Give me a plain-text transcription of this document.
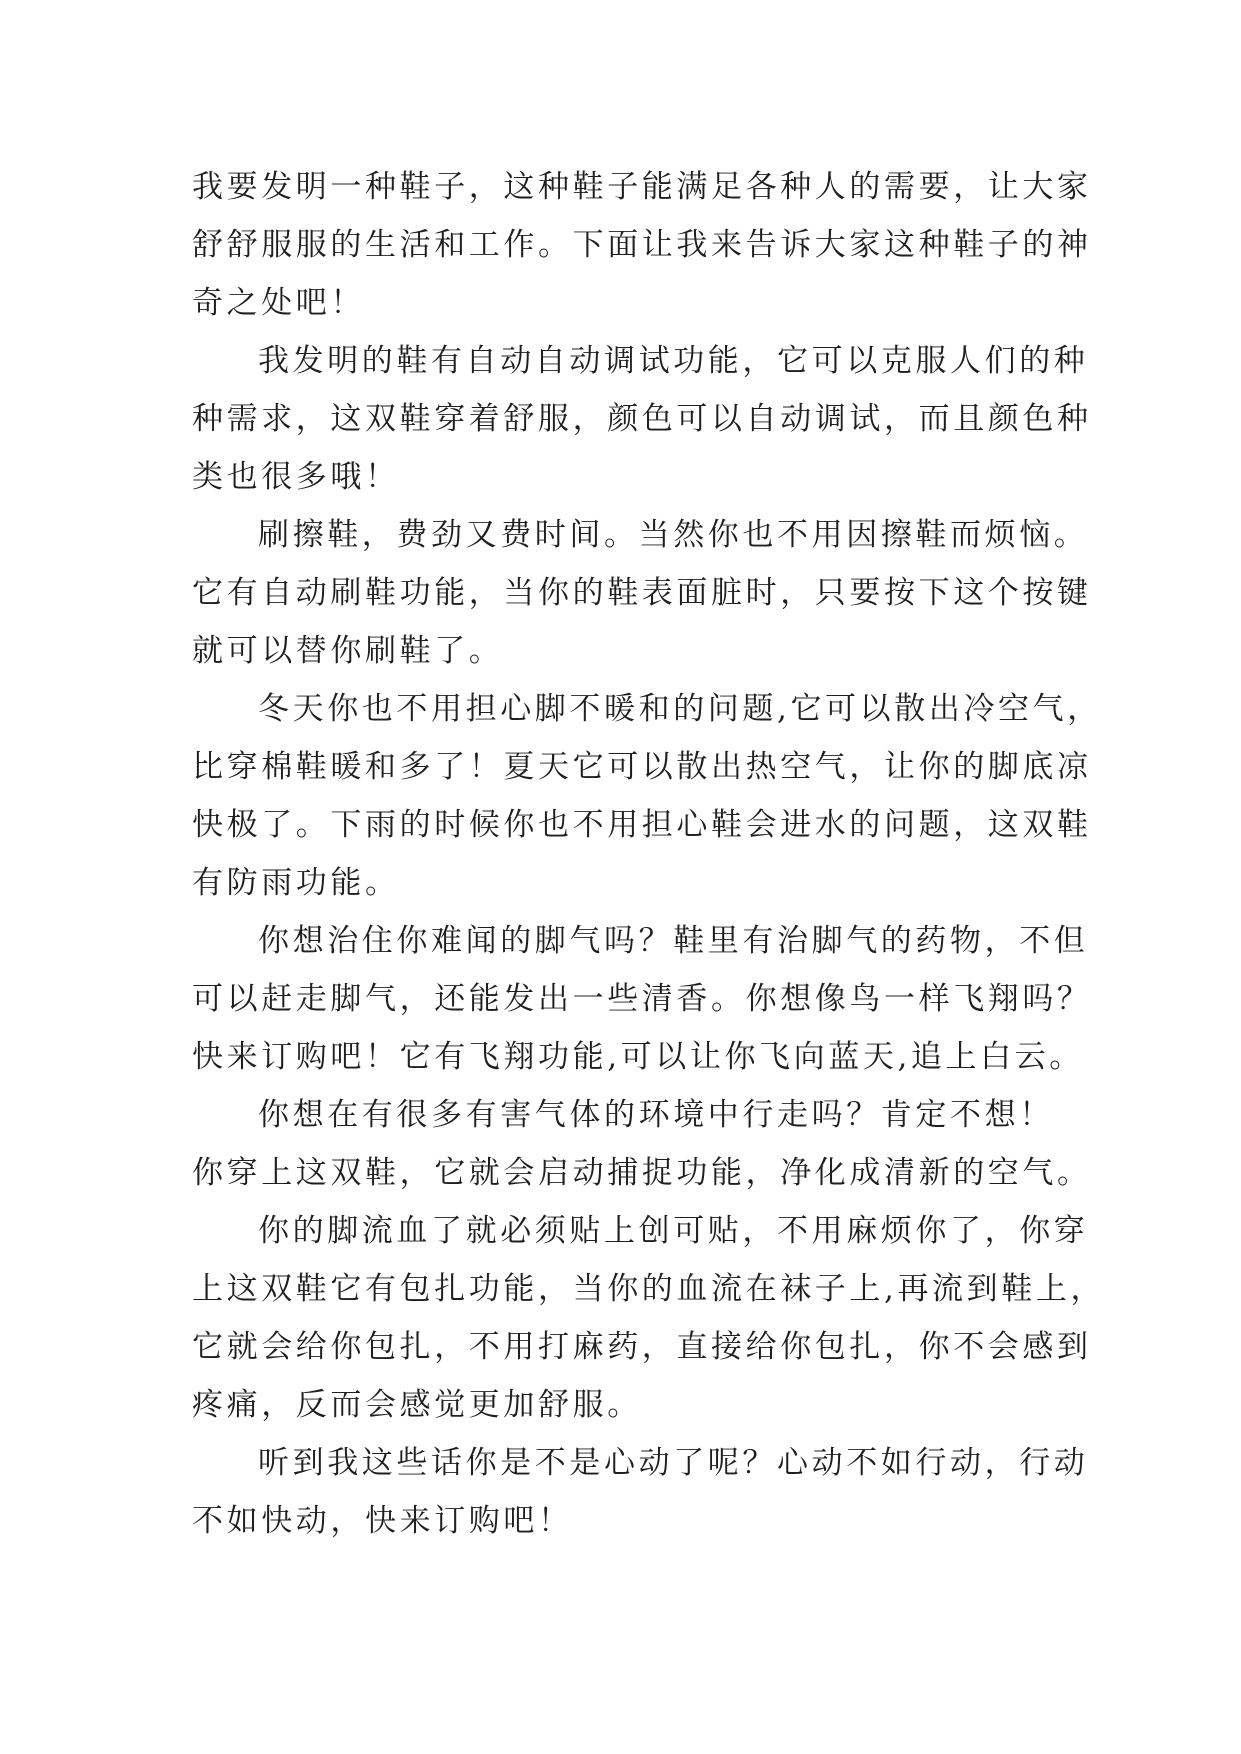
我要发明一种鞋子，这种鞋子能满足各种人的需要，让大家
舒舒服服的生活和工作。下面让我来告诉大家这种鞋子的神
奇之处吧！

我发明的鞋有自动自动调试功能，它可以克服人们的种
种需求，这双鞋穿着舒服，颜色可以自动调试，而且颜色种
类也很多哦！

刷擦鞋，费劲又费时间。当然你也不用因擦鞋而烦恼。
它有自动刷鞋功能，当你的鞋表面脏时，只要按下这个按键
就可以替你刷鞋了。

冬天你也不用担心脚不暖和的问题,它可以散出冷空气，
比穿棉鞋暖和多了！夏天它可以散出热空气，让你的脚底凉
快极了。下雨的时候你也不用担心鞋会进水的问题，这双鞋
有防雨功能。

你想治住你难闻的脚气吗？鞋里有治脚气的药物，不但
可以赶走脚气，还能发出一些清香。你想像鸟一样飞翔吗？
快来订购吧！它有飞翔功能,可以让你飞向蓝天,追上白云。

你想在有很多有害气体的环境中行走吗？肯定不想！
你穿上这双鞋，它就会启动捕捉功能，净化成清新的空气。

你的脚流血了就必须贴上创可贴，不用麻烦你了，你穿
上这双鞋它有包扎功能，当你的血流在袜子上,再流到鞋上，
它就会给你包扎，不用打麻药，直接给你包扎，你不会感到
疼痛，反而会感觉更加舒服。

听到我这些话你是不是心动了呢？心动不如行动，行动
不如快动，快来订购吧！
